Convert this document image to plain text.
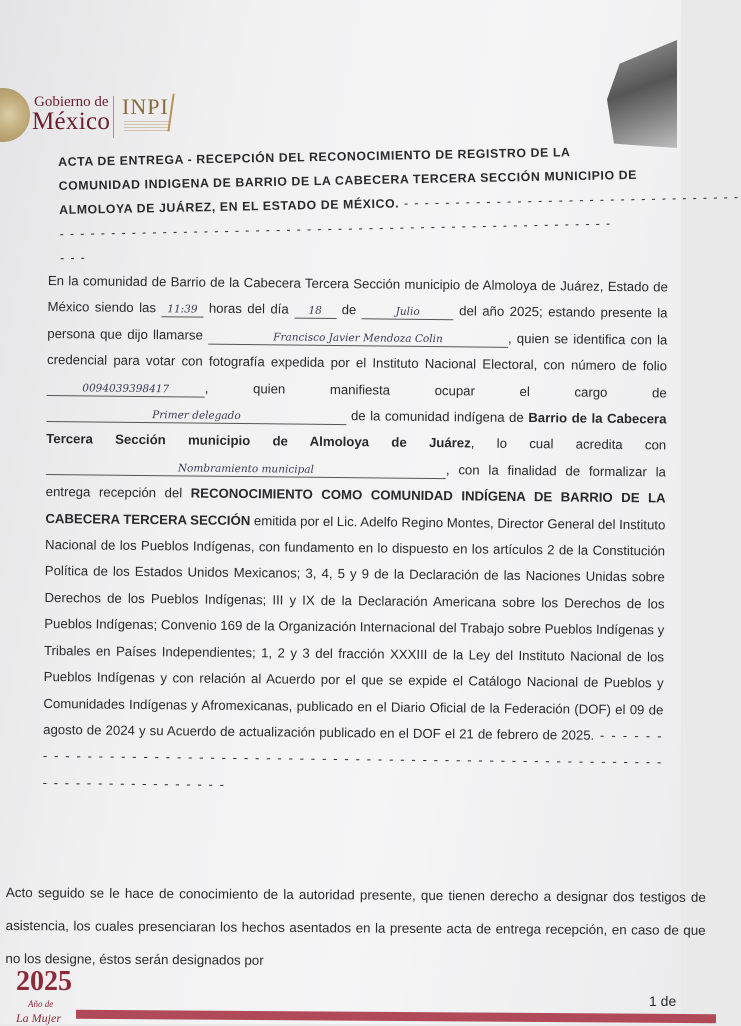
Gobierno de
México
INPI
ACTA DE ENTREGA - RECEPCIÓN DEL RECONOCIMIENTO DE REGISTRO DE LA
COMUNIDAD INDIGENA DE BARRIO DE LA CABECERA TERCERA SECCIÓN MUNICIPIO DE
ALMOLOYA DE JUÁREZ, EN EL ESTADO DE MÉXICO. - - - - - - - - - - - - - - - - - - - - - - - - - - - - - - - - -
- - - - - - - - - - - - - - - - - - - - - - - - - - - - - - - - - - - - - - - - - - - - - - - - - - - - - -
- - -

En la comunidad de Barrio de la Cabecera Tercera Sección municipio de Almoloya de Juárez, Estado de México siendo las 11:39 horas del día 18 de	Julio	del año 2025; estando presente la persona que dijo llamarse	Francisco Javier Mendoza Colin	, quien se identifica con la credencial para votar con fotografía expedida por el Instituto Nacional Electoral, con número de folio 0094039398417	, quien manifiesta ocupar el cargo de Primer delegado	de la comunidad indígena de Barrio de la Cabecera Tercera Sección municipio de Almoloya de Juárez, lo cual acredita con Nombramiento municipal	, con la finalidad de formalizar la entrega recepción del RECONOCIMIENTO COMO COMUNIDAD INDÍGENA DE BARRIO DE LA CABECERA TERCERA SECCIÓN emitida por el Lic. Adelfo Regino Montes, Director General del Instituto Nacional de los Pueblos Indígenas, con fundamento en lo dispuesto en los artículos 2 de la Constitución Política de los Estados Unidos Mexicanos; 3, 4, 5 y 9 de la Declaración de las Naciones Unidas sobre Derechos de los Pueblos Indígenas; III y IX de la Declaración Americana sobre los Derechos de los Pueblos Indígenas; Convenio 169 de la Organización Internacional del Trabajo sobre Pueblos Indígenas y Tribales en Países Independientes; 1, 2 y 3 del fracción XXXIII de la Ley del Instituto Nacional de los Pueblos Indígenas y con relación al Acuerdo por el que se expide el Catálogo Nacional de Pueblos y Comunidades Indígenas y Afromexicanas, publicado en el Diario Oficial de la Federación (DOF) el 09 de agosto de 2024 y su Acuerdo de actualización publicado en el DOF el 21 de febrero de 2025. - - - - - - - - - - - - - - - - - - - - - - - - - - - - - - - - - - - - - - - - - - - - - - - - - - - - - - - - - - - - - - - - - - - - - - - - - - - - - - -

Acto seguido se le hace de conocimiento de la autoridad presente, que tienen derecho a designar dos testigos de asistencia, los cuales presenciaran los hechos asentados en la presente acta de entrega recepción, en caso de que no los designe, éstos serán designados por

2025
Año de
La Mujer
1 de
